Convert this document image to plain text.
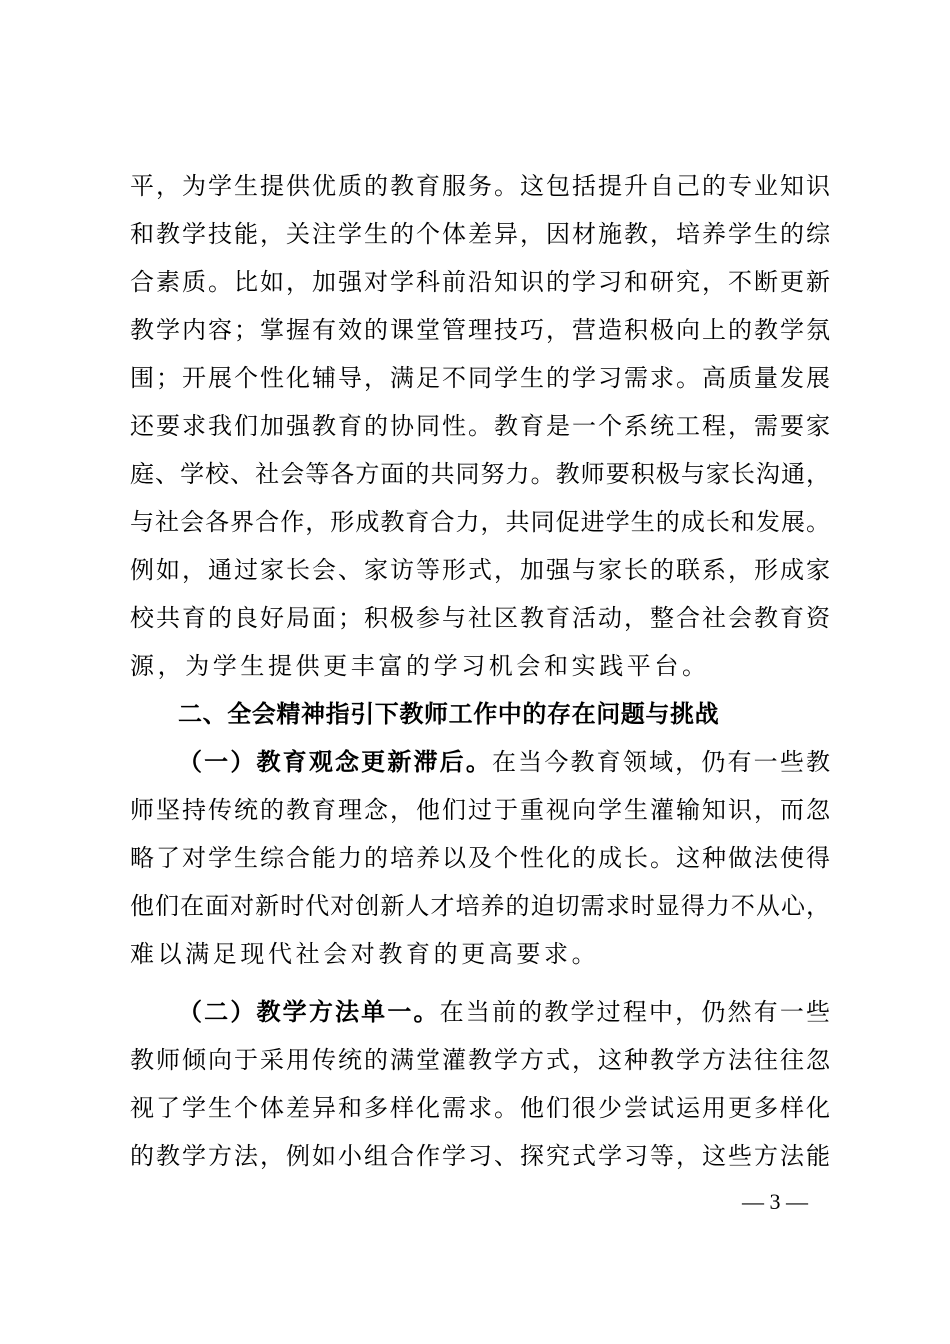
平，为学生提供优质的教育服务。这包括提升自己的专业知识
和教学技能，关注学生的个体差异，因材施教，培养学生的综
合素质。比如，加强对学科前沿知识的学习和研究，不断更新
教学内容；掌握有效的课堂管理技巧，营造积极向上的教学氛
围；开展个性化辅导，满足不同学生的学习需求。高质量发展
还要求我们加强教育的协同性。教育是一个系统工程，需要家
庭、学校、社会等各方面的共同努力。教师要积极与家长沟通，
与社会各界合作，形成教育合力，共同促进学生的成长和发展。
例如，通过家长会、家访等形式，加强与家长的联系，形成家
校共育的良好局面；积极参与社区教育活动，整合社会教育资
源，为学生提供更丰富的学习机会和实践平台。
二、全会精神指引下教师工作中的存在问题与挑战
（一）教育观念更新滞后。在当今教育领域，仍有一些教
师坚持传统的教育理念，他们过于重视向学生灌输知识，而忽
略了对学生综合能力的培养以及个性化的成长。这种做法使得
他们在面对新时代对创新人才培养的迫切需求时显得力不从心，
难以满足现代社会对教育的更高要求。
（二）教学方法单一。在当前的教学过程中，仍然有一些
教师倾向于采用传统的满堂灌教学方式，这种教学方法往往忽
视了学生个体差异和多样化需求。他们很少尝试运用更多样化
的教学方法，例如小组合作学习、探究式学习等，这些方法能
— 3 —
